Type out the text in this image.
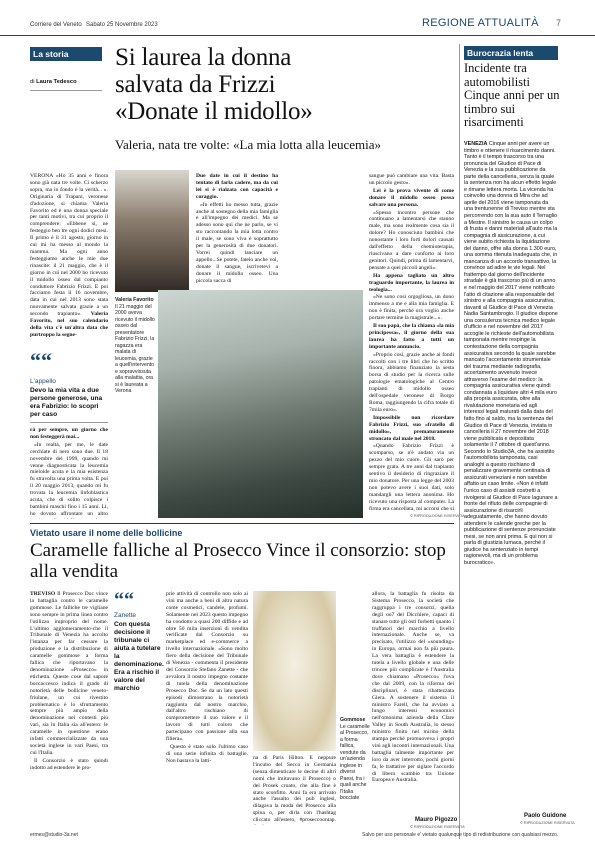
Corriere del Veneto Sabato 25 Novembre 2023	REGIONE ATTUALITÀ 7
La storia
di Laura Tedesco
Si laurea la donna salvata da Frizzi «Donate il midollo»
Valeria, nata tre volte: «La mia lotta alla leucemia»

VERONA «Ho 35 anni e finora sono già nata tre volte. Ci scherzo sopra, ma in fondo è la verità... ». Originaria di Trapani, veronese d'adozione, si chiama Valeria Favorito ed è una donna speciale per tanti motivi, tra cui proprio il comprendere: «Ebbene sì, ne festeggio ben tre ogni dodici mesi. Il primo è il 31 agosto, giorno in cui mi ha messo al mondo la mamma. Ma ogni anno festeggiamo anche le mie due rinascite: il 21 maggio, che è il giorno in cui nel 2000 ho ricevuto il midollo osseo dal compianto conduttore Fabrizio Frizzi. E poi facciamo festa il 16 novembre, data in cui nel 2013 sono stata nuovamente salvata grazie a un secondo trapianto». Valeria Favorito, nel suo calendario della vita c'è un'altra data che purtroppo la segne-

““
L'appello
Devo la mia vita a due persone generose, una era Fabrizio: lo scopri per caso

rà per sempre, un giorno che non festeggerà mai...

«In realtà, per me, le date cerchiate di nero sono due. Il 18 novembre del 1999, quando mi venne diagnosticata la leucemia mieloide acuta e la mia esistenza fu stravolta una prima volta. E poi il 20 maggio 2013, quando mi fu trovata la leucemia linfoblastica acuta, che di solito colpisce i bambini maschi fino i 15 anni. Lì, ho dovuto affrontare un altro

Due date in cui il destino ha tentato di farla cadere, ma da cui lei si è rialzata con capacità e coraggio.

«In effetti ho messo tutta, grazie anche al sostegno della mia famiglia e all'impegno dei medici. Ma se adesso sono qui che ne parlo, se vi sto raccontando la mia lotta contro il male, se sono viva è soprattutto per la generosità di due donatori. Vorrei quindi lanciare un appello...Se potete, fatelo anche voi, donate il sangue, iscrivetevi a donare il midollo osseo. Una piccola sacca di

Valeria Favorito
Il 21 maggio del 2000 aveva ricevuto il midollo osseo dal presentatore Fabrizio Frizzi, la ragazza era malata di leucemia, grazie a quell'intervento e sopravvissuta alla malattia, ora si è laureata a Verona

sangue può cambiare una vita. Basta un piccolo gesto».

Lei è la prova vivente di come donare il midollo osseo possa salvare una persona.

«Spesso incontro persone che continuano a lamentarsi che stanno male, ma sono realmente cosa sia il dolore? Ho conosciuto bambini che nonostante i loro forti dolori causati dall'effetto della chemioterapia, riuscivano a dare conforto ai loro genitori. Quindi, prima di lamentarvi, pensate a quei piccoli angeli».

Ha appena tagliato un altro traguardo importante, la laurea in teologia...

«Ne sono così orgogliosa, un dono immenso a me e alla mia famiglia. E non è finita, perché ora voglio anche portare termine la magistrale...».

Il suo papà, che la chiama «la mia principessa», il giorno della sua laurea ha fatto a tutti un importante annuncio.

«Proprio così, grazie anche ai fondi raccolti con i tre libri che ho scritto finora, abbiamo finanziato la sesta borsa di studio per la ricerca sulle patologie ematologiche al Centro trapianti di midollo osseo dell'ospedale veronese di Borgo Roma, raggiungendo la cifra totale di 7mila euro».

Impossibile non ricordare Fabrizio Frizzi, suo «fratello di midollo», prematuramente stroncato dal male nel 2018.

«Quando Fabrizio Frizzi è scomparso, se n'è andato via un pezzo del mio cuore. Gli sarò per sempre grata. A tre anni dal trapianto sentivo il desiderio di ringraziare il mio donatore. Per una legge del 2003 non potevo avere i suoi dati, solo mandargli una lettera anonima. Ho ricevuto una risposta al computer. La firma era cancellata, mi accorsi che si

© RIPRODUZIONE RISERVATA
Burocrazia lenta
Incidente tra automobilisti Cinque anni per un timbro sui risarcimenti

VENEZIA Cinque anni per avere un timbro e ottenere il risarcimento danni. Tanto è il tempo trascorso tra una pronuncia del Giudice di Pace di Venezia e la sua pubblicazione da parte della cancelleria, senza la quale la sentenza non ha alcun effetto legale e rimane lettera morta. La vicenda ha coinvolto una donna di Mira che ad aprile del 2016 viene tamponata da una trentunenne di Treviso mentre sta percorrendo con la sua auto il Terraglio a Mestre. Il sinistro le causa un colpo di frusta e danni materiali all'auto ma la compagnia di assicurazione, a cui viene subito richiesta la liquidazione del danno, offre alla donna 1.300 euro, una somma ritenuta inadeguata che, in mancanza di un accordo transattivo, la convince ad adire le vie legali. Nel frattempo dal giorno dell'incidente stradale è già trascorso più di un anno e nel maggio del 2017 viene notificato l'atto di citazione alla responsabile del sinistro e alla compagnia assicurativa, davanti al Giudice di Pace di Venezia Nadia Santambrogio. Il giudice dispone una consulenza tecnica medico legale d'ufficio e nel novembre del 2017 accoglie le richieste dell'automobilista tamponata mentre respinge la contestazione della compagnia assicurativa secondo la quale sarebbe mancato l'accertamento strumentale del trauma mediante radiografia, accertamento avvenuto invece attraverso l'esame del medico: la compagnia assicurativa viene quindi condannata a liquidare altri 4 mila euro alla propria assicurata, oltre alla rivalutazione monetaria ed agli interessi legali maturati dalla data del fatto fino al saldo, ma la sentenza del Giudice di Pace di Venezia, inviata in cancelleria il 27 novembre del 2018 viene pubblicata e depositata solamente il 7 ottobre di quest'anno. Secondo lo Studio3A, che ha assistito l'automobilista tamponata, casi analoghi a questo rischiano di penalizzare gravemente centinaia di assicurati veneziani e non sarebbe affatto un caso limite. «Non è infatti l'unico caso di assisiti costretti a rivolgersi al Giudice di Pace lagunare a fronte del rifiuto delle compagnie di assicurazione di risarcirli adeguatamente, che hanno dovuto attendere le calende greche per la pubblicazione di sentenze pronunciate mesi, se non anni prima. E qui non si parla di giustizia lumaca, perché il giudice ha sentenziato in tempi ragionevoli, ma di un problema burocratico».

Paolo Guidone
© RIPRODUZIONE RISERVATA
Vietato usare il nome delle bollicine
Caramelle falliche al Prosecco Vince il consorzio: stop alla vendita

TREVISO Il Prosecco Doc vince la battaglia contro le caramelle gommose. Le falliche tre vigliane sono sempre in prima linea contro l'utilizzo improprio del nome. L'ultimo agglomeramento-che il Tribunale di Venezia ha accolto l'istanza per far cessare la produzione e la distribuzione di caramelle gommose a forma fallica che riportavano la denominazione «Prosecco» in etichetta. Queste cose dal sapore boccaccesco indica il grado di notorietà delle bollicine veneto-friulane, un cui rivestito problematico è lo sfruttamento sempre più ampio della denominazione nei contesti più vari, sia in Italia sia all'estero: le caramelle in questione erano infatti commercializzate da una società inglese in vari Paesi, tra cui l'Italia.

Il Consorzio è stato quindi indotto ad estendere le pro-

““
Zanette
Con questa decisione il tribunale ci aiuta a tutelare la denominazione. Era a rischio il valore del marchio

prie attività di controllo non solo ai vini ma anche a beni di altra natura come cosmetici, candele, profumi. Solamente nel 2023 questo impegno ha condotto a quasi 200 diffide e ad oltre 50 mila inserzioni di vendita verificate dal Consorzio su marketplace ed e-commerce a livello internazionale. «Sono molto fiero della decisione del Tribunale di Venezia - commenta il presidente del Consorzio Stefano Zanette - che avvalora il nostro impegno costante di tutela della denominazione Prosecco Doc. Se da un lato questi episodi dimostrano la notorietà raggiunta dal nostro marchio, dall'altro rischiano di compromettere il suo valore e il lavoro di tutti coloro che partecipano con passione alla sua filiera».

Questo è stato solo l'ultimo caso di una serie infinita di battaglie. Non bastava la latti-	na di Paris Hilton. E neppure l'incubo del Secco in Germania (senza dimenticare le decine di altri nomi che imitavano il Prosecco) o del Prosek croato, che alla fine è stato sconfitto. Anni fa era arrivato anche l'assalto dei pub inglesi, dilagava la moda del Prosecco alla spina o, per dirla con l'hashtag cliccato all'estero, #proseccoontap.

Gommose
Le caramelle al Prosecco, a forma fallica, vendute da un'azienda inglese in diversi Paesi, fra i quali anche l'Italia bocciate

allora, la battaglia fu risolta da Sistema Prosecco, la società che raggruppa i tre consorzi, quella degli oo7 del Dicchiere, capaci di stanare tutto gli osti furbetti quanto i truffatori del marchio a livello internazionale. Anche se, va precisato, l'utilizzo del «sounding» in Europa, ormai non fa più paura. La vera battaglia è estendere la tutela a livello globale e una delle trincee più complicate è l'Australia dove chiamano «Prosecco» l'uva che dal 2009, con la riforma dei disciplinari, è stata ribattezzata Glera. A sostenere il sistema il ministro Farell, che ha avviato a lungo interessi economici nell'omonima azienda della Clare Valley in South Australia, lo stesso ministro finito nel mirino della stampa perché promuoveva i propri vini agli incontri internazionali. Una battaglia talmente importante per loro da aver interrotto, pochi giorni fa, le trattative per siglare l'accordo di libero scambio tra Unione Europea e Australia.

Mauro Pigozzo
© RIPRODUZIONE RISERVATA
ermes@studio-3a.net	Salvo per uso personale e' vietato qualunque tipo di redistribuzione con qualsiasi mezzo.
